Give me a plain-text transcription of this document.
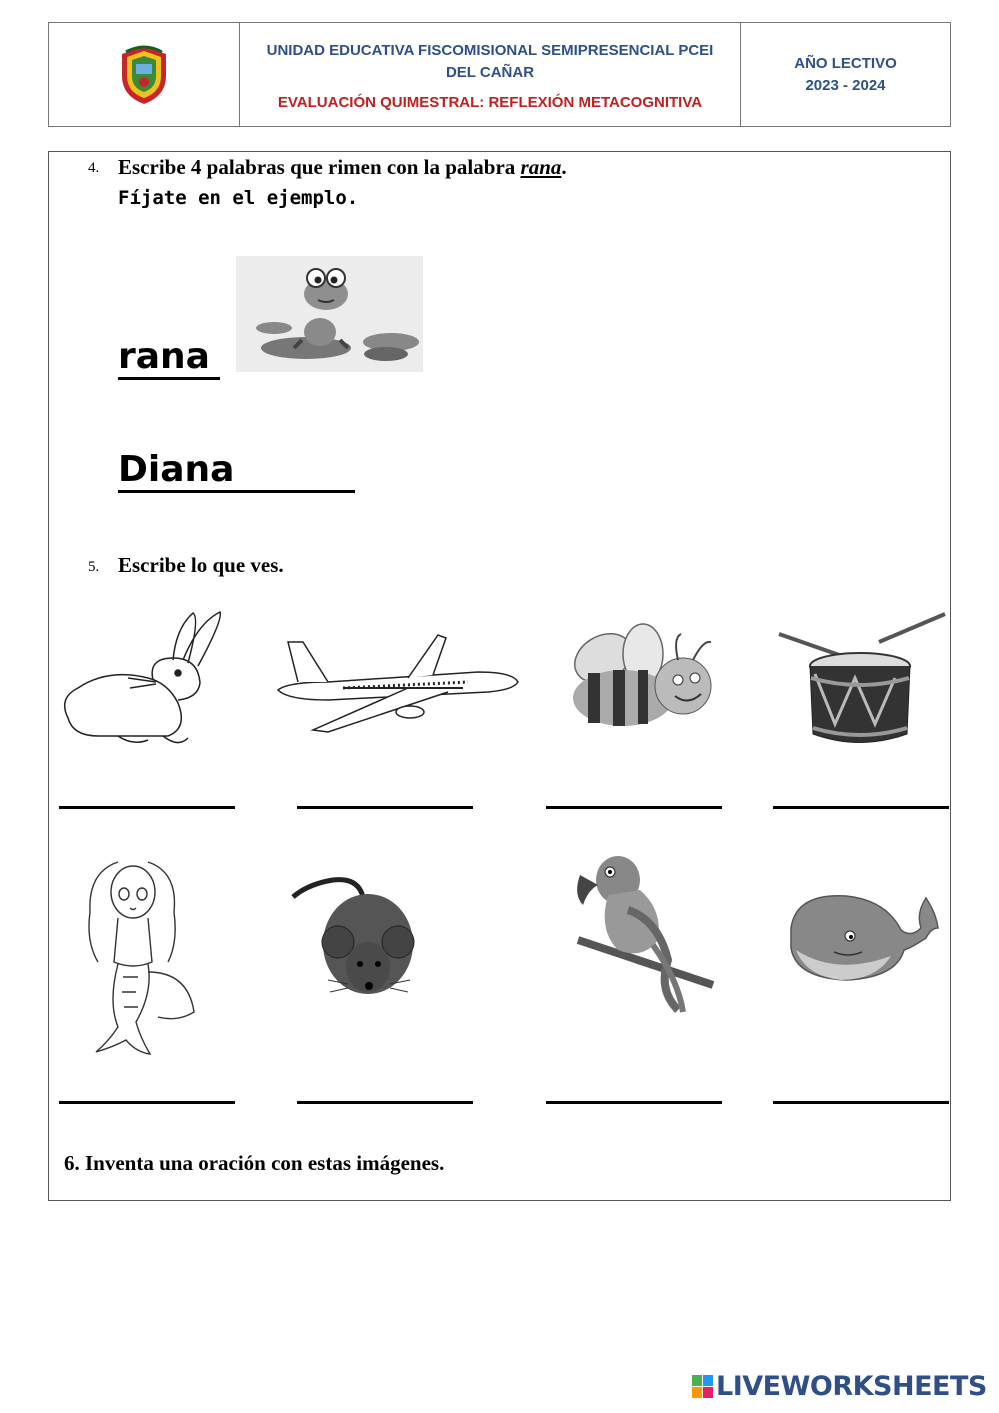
UNIDAD EDUCATIVA FISCOMISIONAL SEMIPRESENCIAL PCEI
DEL CAÑAR
EVALUACIÓN QUIMESTRAL: REFLEXIÓN METACOGNITIVA
AÑO LECTIVO
2023 - 2024
4. Escribe 4 palabras que rimen con la palabra rana.
Fíjate en el ejemplo.
rana
Diana
5. Escribe lo que ves.
6. Inventa una oración con estas imágenes.
LIVEWORKSHEETS
